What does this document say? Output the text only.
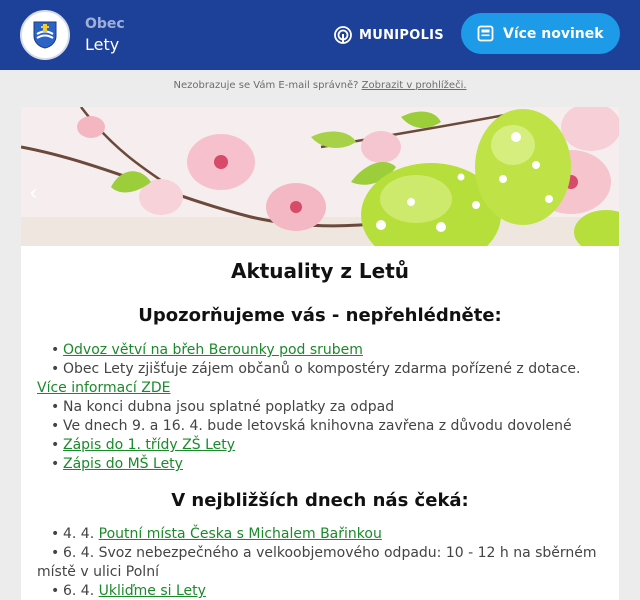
Obec
Lety	MUNIPOLIS	Více novinek
Nezobrazuje se Vám E-mail správně? Zobrazit v prohlížeči.
‹
Aktuality z Letů
Upozorňujeme vás - nepřehlédněte:
• Odvoz větví na břeh Berounky pod srubem
• Obec Lety zjišťuje zájem občanů o kompostéry zdarma pořízené z dotace. Více informací ZDE
• Na konci dubna jsou splatné poplatky za odpad
• Ve dnech 9. a 16. 4. bude letovská knihovna zavřena z důvodu dovolené
• Zápis do 1. třídy ZŠ Lety
• Zápis do MŠ Lety
V nejbližších dnech nás čeká:
• 4. 4. Poutní místa Česka s Michalem Bařinkou
• 6. 4. Svoz nebezpečného a velkoobjemového odpadu: 10 - 12 h na sběrném místě v ulici Polní
• 6. 4. Ukliďme si Lety
